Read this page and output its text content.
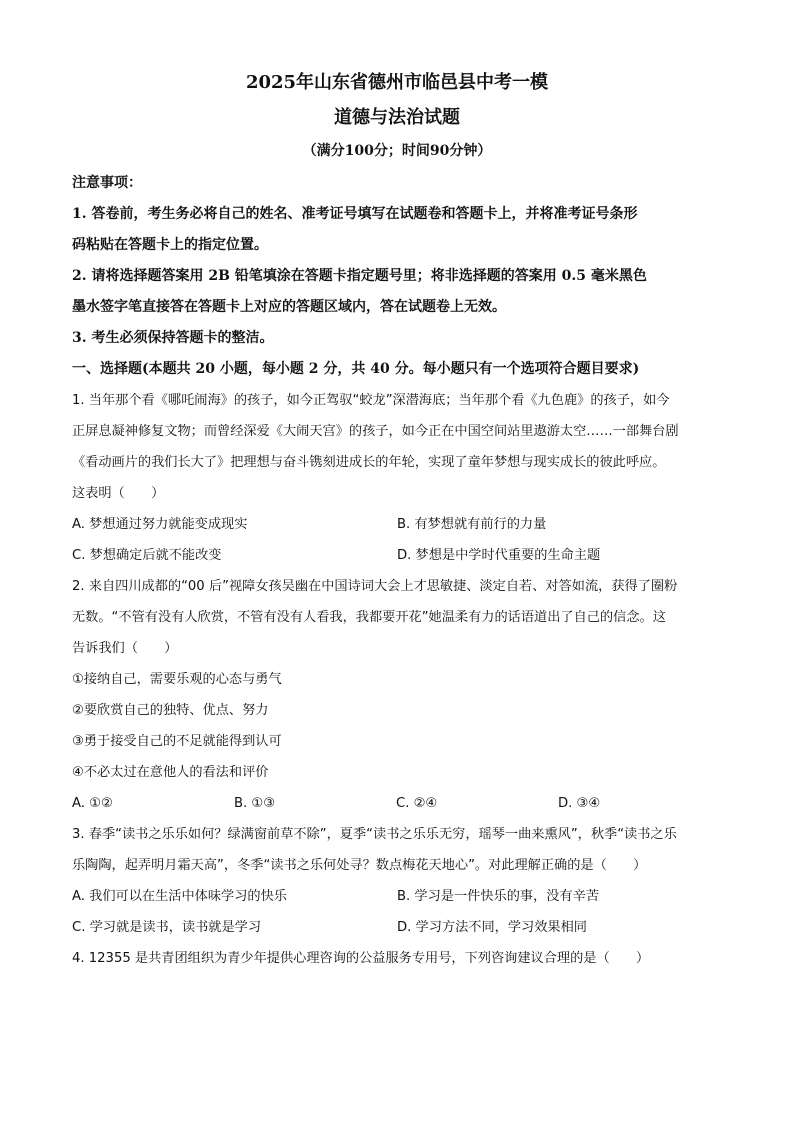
2025年山东省德州市临邑县中考一模
道德与法治试题
（满分100分；时间90分钟）
注意事项：
1. 答卷前，考生务必将自己的姓名、准考证号填写在试题卷和答题卡上，并将准考证号条形
码粘贴在答题卡上的指定位置。
2. 请将选择题答案用 2B 铅笔填涂在答题卡指定题号里；将非选择题的答案用 0.5 毫米黑色
墨水签字笔直接答在答题卡上对应的答题区域内，答在试题卷上无效。
3. 考生必须保持答题卡的整洁。
一、选择题(本题共 20 小题，每小题 2 分，共 40 分。每小题只有一个选项符合题目要求)
1. 当年那个看《哪吒闹海》的孩子，如今正驾驭“蛟龙”深潜海底；当年那个看《九色鹿》的孩子，如今
正屏息凝神修复文物；而曾经深爱《大闹天宫》的孩子，如今正在中国空间站里遨游太空……一部舞台剧
《看动画片的我们长大了》把理想与奋斗镌刻进成长的年轮，实现了童年梦想与现实成长的彼此呼应。
这表明（　　）
A. 梦想通过努力就能变成现实	B. 有梦想就有前行的力量
C. 梦想确定后就不能改变	D. 梦想是中学时代重要的生命主题
2. 来自四川成都的“00 后”视障女孩吴幽在中国诗词大会上才思敏捷、淡定自若、对答如流，获得了圈粉
无数。“不管有没有人欣赏，不管有没有人看我，我都要开花”她温柔有力的话语道出了自己的信念。这
告诉我们（　　）
①接纳自己，需要乐观的心态与勇气
②要欣赏自己的独特、优点、努力
③勇于接受自己的不足就能得到认可
④不必太过在意他人的看法和评价
A. ①②	B. ①③	C. ②④	D. ③④
3. 春季“读书之乐乐如何？绿满窗前草不除”，夏季“读书之乐乐无穷，瑶琴一曲来熏风”，秋季“读书之乐
乐陶陶，起弄明月霜天高”，冬季“读书之乐何处寻？数点梅花天地心”。对此理解正确的是（　　）
A. 我们可以在生活中体味学习的快乐	B. 学习是一件快乐的事，没有辛苦
C. 学习就是读书，读书就是学习	D. 学习方法不同，学习效果相同
4. 12355 是共青团组织为青少年提供心理咨询的公益服务专用号，下列咨询建议合理的是（　　）
